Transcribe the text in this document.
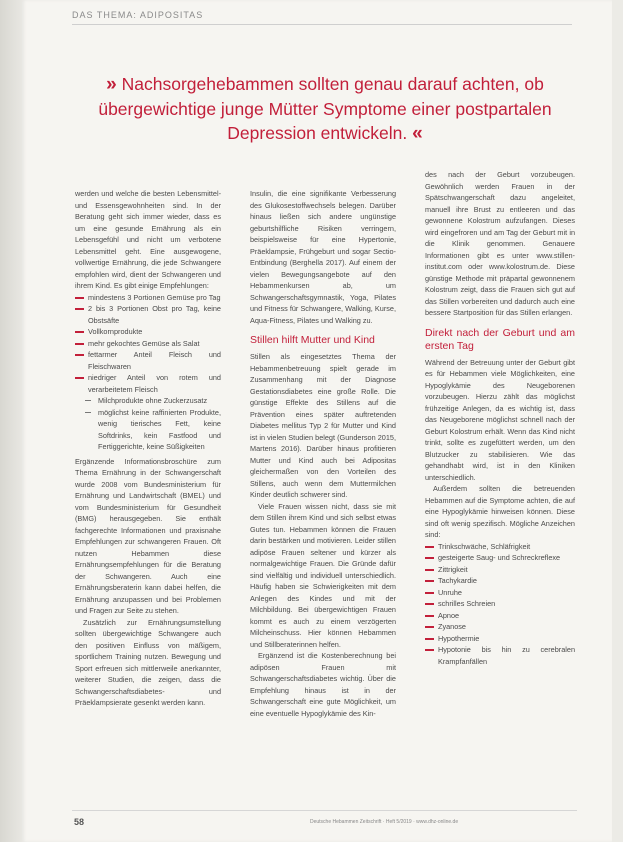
DAS THEMA: ADIPOSITAS
» Nachsorgehebammen sollten genau darauf achten, ob übergewichtige junge Mütter Symptome einer postpartalen Depression entwickeln. «

werden und welche die besten Lebensmittel- und Essensgewohnheiten sind. In der Beratung geht sich immer wieder, dass es um eine gesunde Ernährung als ein Lebensgefühl und nicht um verbotene Lebensmittel geht. Eine ausgewogene, vollwertige Ernährung, die jede Schwangere empfohlen wird, dient der Schwangeren und ihrem Kind. Es gibt einige Empfehlungen:

mindestens 3 Portionen Gemüse pro Tag
2 bis 3 Portionen Obst pro Tag, keine Obstsäfte
Vollkornprodukte
mehr gekochtes Gemüse als Salat
fettarmer Anteil Fleisch und Fleischwaren
niedriger Anteil von rotem und verarbeitetem Fleisch
Milchprodukte ohne Zuckerzusatz
möglichst keine raffinierten Produkte, wenig tierisches Fett, keine Softdrinks, kein Fastfood und Fertiggerichte, keine Süßigkeiten

Ergänzende Informationsbroschüre zum Thema Ernährung in der Schwangerschaft wurde 2008 vom Bundesministerium für Ernährung und Landwirtschaft (BMEL) und vom Bundesministerium für Gesundheit (BMG) herausgegeben. Sie enthält fachgerechte Informationen und praxisnahe Empfehlungen zur schwangeren Frauen. Oft nutzen Hebammen diese Ernährungsempfehlungen für die Beratung der Schwangeren. Auch eine Ernährungsberaterin kann dabei helfen, die Ernährung anzupassen und bei Problemen und Fragen zur Seite zu stehen.

Zusätzlich zur Ernährungsumstellung sollten übergewichtige Schwangere auch den positiven Einfluss von mäßigem, sportlichem Training nutzen. Bewegung und Sport erfreuen sich mittlerweile anerkannter, weiterer Studien, die zeigen, dass die Schwangerschaftsdiabetes- und Präeklampsierate gesenkt werden kann.

Insulin, die eine signifikante Verbesserung des Glukosestoffwechsels belegen. Darüber hinaus ließen sich andere ungünstige geburtshilfliche Risiken verringern, beispielsweise für eine Hypertonie, Präeklampsie, Frühgeburt und sogar Sectio-Entbindung (Berghella 2017). Auf einem der vielen Bewegungsangebote auf den Hebammenkursen ab, um Schwangerschaftsgymnastik, Yoga, Pilates und Fitness für Schwangere, Walking, Kurse, Aqua-Fitness, Pilates und Walking zu.

Stillen hilft Mutter und Kind

Stillen als eingesetztes Thema der Hebammenbetreuung spielt gerade im Zusammenhang mit der Diagnose Gestationsdiabetes eine große Rolle. Die günstige Effekte des Stillens auf die Prävention eines später auftretenden Diabetes mellitus Typ 2 für Mutter und Kind ist in vielen Studien belegt (Gunderson 2015, Martens 2016). Darüber hinaus profitieren Mutter und Kind auch bei Adipositas gleichermaßen von den Vorteilen des Stillens, auch wenn dem Muttermilchen Kinder deutlich schwerer sind.

Viele Frauen wissen nicht, dass sie mit dem Stillen ihrem Kind und sich selbst etwas Gutes tun. Hebammen können die Frauen darin bestärken und motivieren. Leider stillen adipöse Frauen seltener und kürzer als normalgewichtige Frauen. Die Gründe dafür sind vielfältig und individuell unterschiedlich. Häufig haben sie Schwierigkeiten mit dem Anlegen des Kindes und mit der Milchbildung. Bei übergewichtigen Frauen kommt es auch zu einem verzögerten Milcheinschuss. Hier können Hebammen und Stillberaterinnen helfen.

Ergänzend ist die Kostenberechnung bei adipösen Frauen mit Schwangerschaftsdiabetes wichtig. Über die Empfehlung hinaus ist in der Schwangerschaft eine gute Möglichkeit, um eine eventuelle Hypoglykämie des Kin-

des nach der Geburt vorzubeugen. Gewöhnlich werden Frauen in der Spätschwangerschaft dazu angeleitet, manuell ihre Brust zu entleeren und das gewonnene Kolostrum aufzufangen. Dieses wird eingefroren und am Tag der Geburt mit in die Klinik genommen. Genauere Informationen gibt es unter www.stillen-institut.com oder www.kolostrum.de. Diese günstige Methode mit präpartal gewonnenem Kolostrum zeigt, dass die Frauen sich gut auf das Stillen vorbereiten und dadurch auch eine bessere Startposition für das Stillen erlangen.

Direkt nach der Geburt und am ersten Tag

Während der Betreuung unter der Geburt gibt es für Hebammen viele Möglichkeiten, eine Hypoglykämie des Neugeborenen vorzubeugen. Hierzu zählt das möglichst frühzeitige Anlegen, da es wichtig ist, dass das Neugeborene möglichst schnell nach der Geburt Kolostrum erhält. Wenn das Kind nicht trinkt, sollte es zugefüttert werden, um den Blutzucker zu stabilisieren. Wie das gehandhabt wird, ist in den Kliniken unterschiedlich.

Außerdem sollten die betreuenden Hebammen auf die Symptome achten, die auf eine Hypoglykämie hinweisen können. Diese sind oft wenig spezifisch. Mögliche Anzeichen sind:

Trinkschwäche, Schläfrigkeit
gesteigerte Saug- und Schreckreflexe
Zittrigkeit
Tachykardie
Unruhe
schrilles Schreien
Apnoe
Zyanose
Hypothermie
Hypotonie bis hin zu cerebralen Krampfanfällen
58	Deutsche Hebammen Zeitschrift · Heft 5/2019 · www.dhz-online.de
